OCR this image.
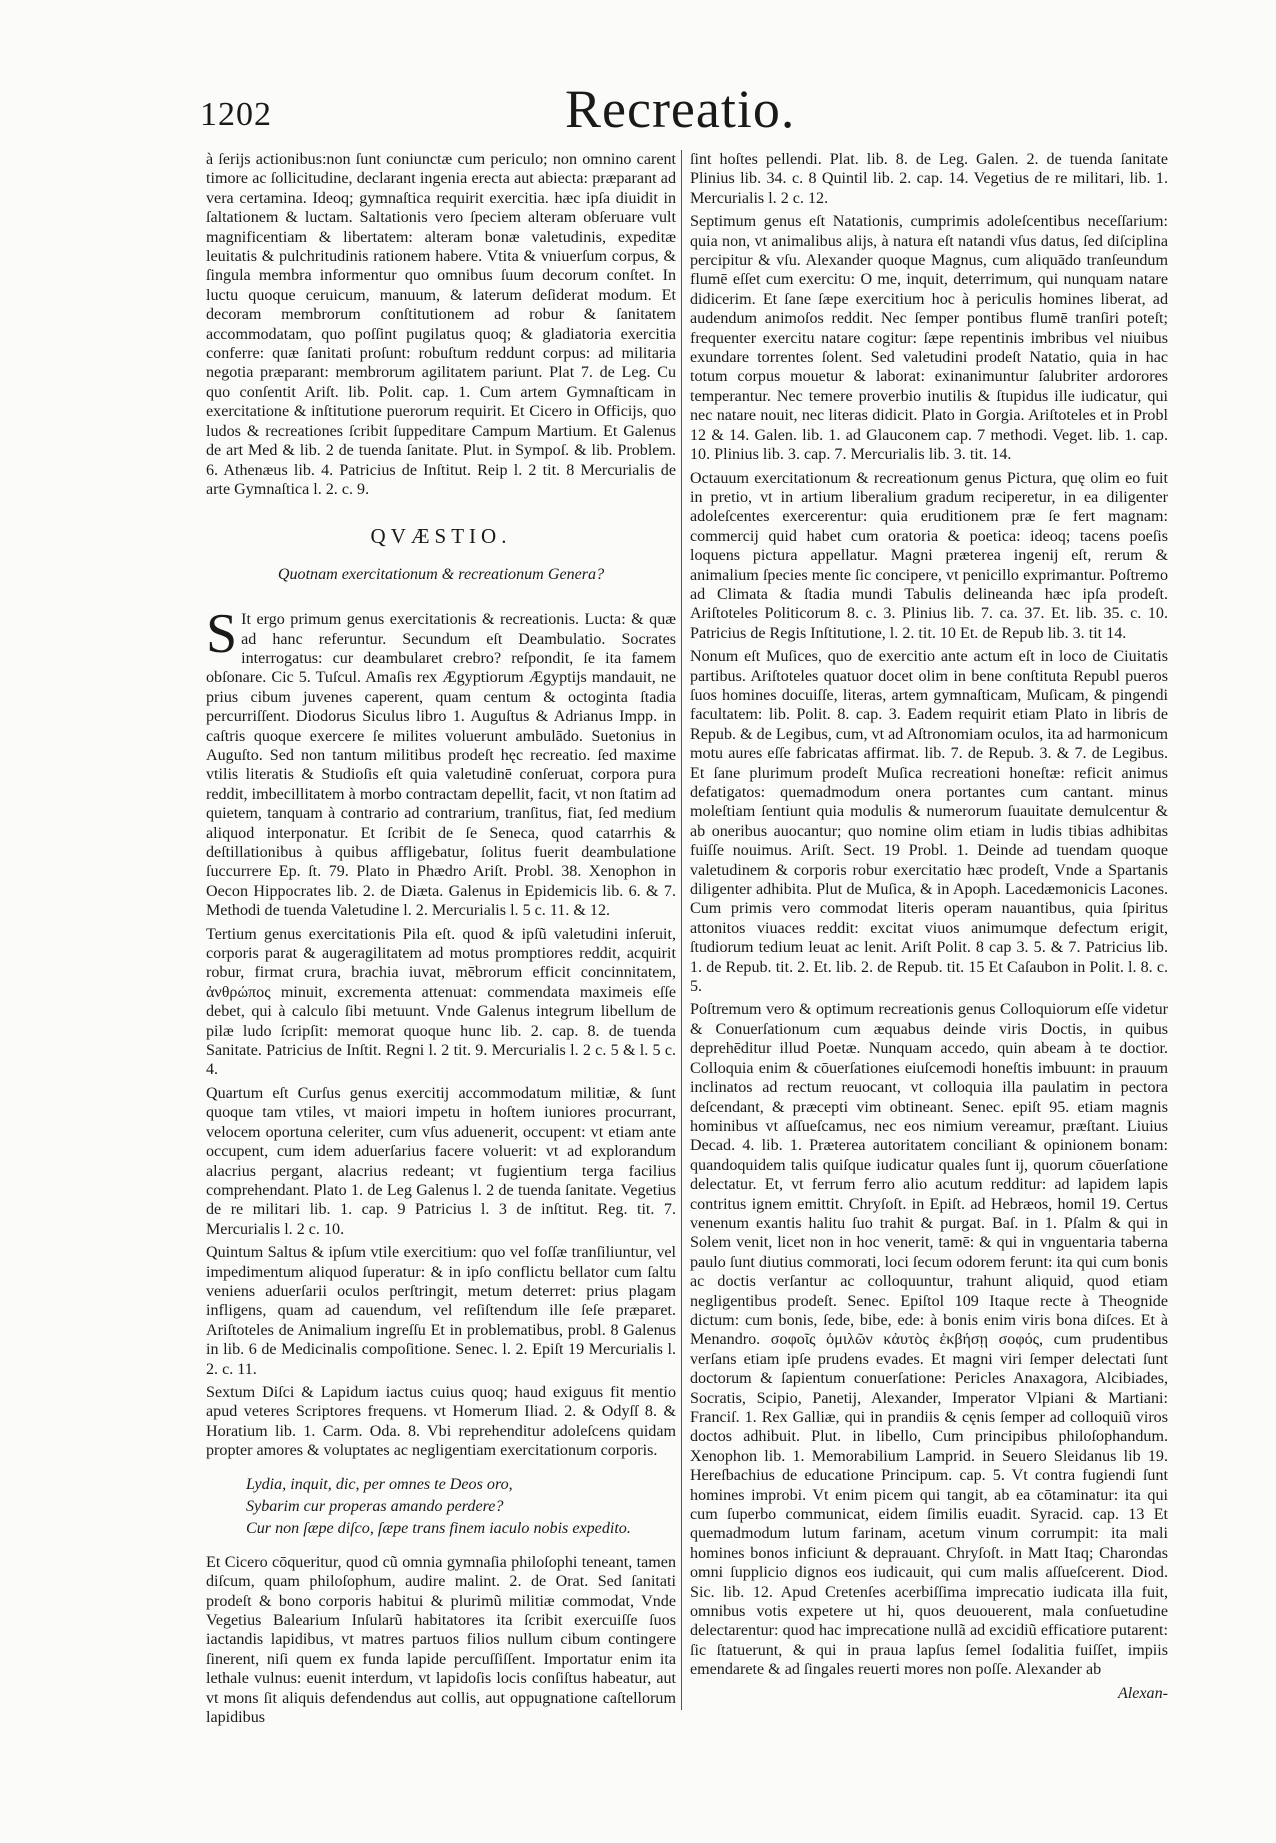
1202	Recreatio.

à ſerijs actionibus:non ſunt coniunctæ cum periculo; non omnino carent timore ac ſollicitudine, declarant ingenia erecta aut abiecta: præparant ad vera certamina. Ideoq; gymnaſtica requirit exercitia. hæc ipſa diuidit in ſaltationem & luctam. Saltationis vero ſpeciem alteram obſeruare vult magnificentiam & libertatem: alteram bonæ valetudinis, expeditæ leuitatis & pulchritudinis rationem habere. Vtita & vniuerſum corpus, & ſingula membra informentur quo omnibus ſuum decorum conſtet. In luctu quoque ceruicum, manuum, & laterum deſiderat modum. Et decoram membrorum conſtitutionem ad robur & ſanitatem accommodatam, quo poſſint pugilatus quoq; & gladiatoria exercitia conferre: quæ ſanitati proſunt: robuſtum reddunt corpus: ad militaria negotia præparant: membrorum agilitatem pariunt. Plat 7. de Leg. Cu quo conſentit Ariſt. lib. Polit. cap. 1. Cum artem Gymnaſticam in exercitatione & inſtitutione puerorum requirit. Et Cicero in Officijs, quo ludos & recreationes ſcribit ſuppeditare Campum Martium. Et Galenus de art Med & lib. 2 de tuenda ſanitate. Plut. in Sympoſ. & lib. Problem. 6. Athenæus lib. 4. Patricius de Inſtitut. Reip l. 2 tit. 8 Mercurialis de arte Gymnaſtica l. 2. c. 9.

QVÆSTIO.
Quotnam exercitationum & recreationum Genera?

S It ergo primum genus exercitationis & recreationis. Lucta: & quæ ad hanc referuntur. Secundum eſt Deambulatio. Socrates interrogatus: cur deambularet crebro? reſpondit, ſe ita famem obſonare. Cic 5. Tuſcul. Amaſis rex Ægyptiorum Ægyptijs mandauit, ne prius cibum juvenes caperent, quam centum & octoginta ſtadia percurriſſent. Diodorus Siculus libro 1. Auguſtus & Adrianus Impp. in caſtris quoque exercere ſe milites voluerunt ambulādo. Suetonius in Auguſto. Sed non tantum militibus prodeſt hęc recreatio. ſed maxime vtilis literatis & Studioſis eſt quia valetudinē conſeruat, corpora pura reddit, imbecillitatem à morbo contractam depellit, facit, vt non ſtatim ad quietem, tanquam à contrario ad contrarium, tranſitus, fiat, ſed medium aliquod interponatur. Et ſcribit de ſe Seneca, quod catarrhis & deſtillationibus à quibus affligebatur, ſolitus fuerit deambulatione ſuccurrere Ep. ſt. 79. Plato in Phædro Ariſt. Probl. 38. Xenophon in Oecon Hippocrates lib. 2. de Diæta. Galenus in Epidemicis lib. 6. & 7. Methodi de tuenda Valetudine l. 2. Mercurialis l. 5 c. 11. & 12.

Tertium genus exercitationis Pila eſt. quod & ipſũ valetudini inſeruit, corporis parat & augeragilitatem ad motus promptiores reddit, acquirit robur, firmat crura, brachia iuvat, mēbrorum efficit concinnitatem, ἀνθρώπος minuit, excrementa attenuat: commendata maximeis eſſe debet, qui à calculo ſibi metuunt. Vnde Galenus integrum libellum de pilæ ludo ſcripſit: memorat quoque hunc lib. 2. cap. 8. de tuenda Sanitate. Patricius de Inſtit. Regni l. 2 tit. 9. Mercurialis l. 2 c. 5 & l. 5 c. 4.

Quartum eſt Curſus genus exercitij accommodatum militiæ, & ſunt quoque tam vtiles, vt maiori impetu in hoſtem iuniores procurrant, velocem oportuna celeriter, cum vſus aduenerit, occupent: vt etiam ante occupent, cum idem aduerſarius facere voluerit: vt ad explorandum alacrius pergant, alacrius redeant; vt fugientium terga facilius comprehendant. Plato 1. de Leg Galenus l. 2 de tuenda ſanitate. Vegetius de re militari lib. 1. cap. 9 Patricius l. 3 de inſtitut. Reg. tit. 7. Mercurialis l. 2 c. 10.

Quintum Saltus & ipſum vtile exercitium: quo vel foſſæ tranſiliuntur, vel impedimentum aliquod ſuperatur: & in ipſo conflictu bellator cum ſaltu veniens aduerſarii oculos perſtringit, metum deterret: prius plagam infligens, quam ad cauendum, vel reſiſtendum ille ſeſe præparet. Ariſtoteles de Animalium ingreſſu Et in problematibus, probl. 8 Galenus in lib. 6 de Medicinalis compoſitione. Senec. l. 2. Epiſt 19 Mercurialis l. 2. c. 11.

Sextum Diſci & Lapidum iactus cuius quoq; haud exiguus fit mentio apud veteres Scriptores frequens. vt Homerum Iliad. 2. & Odyſſ 8. & Horatium lib. 1. Carm. Oda. 8. Vbi reprehenditur adoleſcens quidam propter amores & voluptates ac negligentiam exercitationum corporis.

Lydia, inquit, dic, per omnes te Deos oro,
Sybarim cur properas amando perdere?
Cur non ſæpe diſco, ſæpe trans finem iaculo nobis expedito.

Et Cicero cōqueritur, quod cũ omnia gymnaſia philoſophi teneant, tamen diſcum, quam philoſophum, audire malint. 2. de Orat. Sed ſanitati prodeſt & bono corporis habitui & plurimũ militiæ commodat, Vnde Vegetius Balearium Inſularũ habitatores ita ſcribit exercuiſſe ſuos iactandis lapidibus, vt matres partuos filios nullum cibum contingere ſinerent, niſi quem ex funda lapide percuſſiſſent. Importatur enim ita lethale vulnus: euenit interdum, vt lapidoſis locis conſiſtus habeatur, aut vt mons ſit aliquis defendendus aut collis, aut oppugnatione caſtellorum lapidibus

ſint hoſtes pellendi. Plat. lib. 8. de Leg. Galen. 2. de tuenda ſanitate Plinius lib. 34. c. 8 Quintil lib. 2. cap. 14. Vegetius de re militari, lib. 1. Mercurialis l. 2 c. 12.

Septimum genus eſt Natationis, cumprimis adoleſcentibus neceſſarium: quia non, vt animalibus alijs, à natura eſt natandi vſus datus, ſed diſciplina percipitur & vſu. Alexander quoque Magnus, cum aliquādo tranſeundum flumē eſſet cum exercitu: O me, inquit, deterrimum, qui nunquam natare didicerim. Et ſane ſæpe exercitium hoc à periculis homines liberat, ad audendum animoſos reddit. Nec ſemper pontibus flumē tranſiri poteſt; frequenter exercitu natare cogitur: ſæpe repentinis imbribus vel niuibus exundare torrentes ſolent. Sed valetudini prodeſt Natatio, quia in hac totum corpus mouetur & laborat: exinanimuntur ſalubriter ardorores temperantur. Nec temere proverbio inutilis & ſtupidus ille iudicatur, qui nec natare nouit, nec literas didicit. Plato in Gorgia. Ariſtoteles et in Probl 12 & 14. Galen. lib. 1. ad Glauconem cap. 7 methodi. Veget. lib. 1. cap. 10. Plinius lib. 3. cap. 7. Mercurialis lib. 3. tit. 14.

Octauum exercitationum & recreationum genus Pictura, quę olim eo fuit in pretio, vt in artium liberalium gradum reciperetur, in ea diligenter adoleſcentes exercerentur: quia eruditionem præ ſe fert magnam: commercij quid habet cum oratoria & poetica: ideoq; tacens poeſis loquens pictura appellatur. Magni præterea ingenij eſt, rerum & animalium ſpecies mente ſic concipere, vt penicillo exprimantur. Poſtremo ad Climata & ſtadia mundi Tabulis delineanda hæc ipſa prodeſt. Ariſtoteles Politicorum 8. c. 3. Plinius lib. 7. ca. 37. Et. lib. 35. c. 10. Patricius de Regis Inſtitutione, l. 2. tit. 10 Et. de Repub lib. 3. tit 14.

Nonum eſt Muſices, quo de exercitio ante actum eſt in loco de Ciuitatis partibus. Ariſtoteles quatuor docet olim in bene conſtituta Republ pueros ſuos homines docuiſſe, literas, artem gymnaſticam, Muſicam, & pingendi facultatem: lib. Polit. 8. cap. 3. Eadem requirit etiam Plato in libris de Repub. & de Legibus, cum, vt ad Aſtronomiam oculos, ita ad harmonicum motu aures eſſe fabricatas affirmat. lib. 7. de Repub. 3. & 7. de Legibus. Et ſane plurimum prodeſt Muſica recreationi honeſtæ: reficit animus defatigatos: quemadmodum onera portantes cum cantant. minus moleſtiam ſentiunt quia modulis & numerorum ſuauitate demulcentur & ab oneribus auocantur; quo nomine olim etiam in ludis tibias adhibitas fuiſſe nouimus. Ariſt. Sect. 19 Probl. 1. Deinde ad tuendam quoque valetudinem & corporis robur exercitatio hæc prodeſt, Vnde a Spartanis diligenter adhibita. Plut de Muſica, & in Apoph. Lacedæmonicis Lacones. Cum primis vero commodat literis operam nauantibus, quia ſpiritus attonitos viuaces reddit: excitat viuos animumque defectum erigit, ſtudiorum tedium leuat ac lenit. Ariſt Polit. 8 cap 3. 5. & 7. Patricius lib. 1. de Repub. tit. 2. Et. lib. 2. de Repub. tit. 15 Et Caſaubon in Polit. l. 8. c. 5.

Poſtremum vero & optimum recreationis genus Colloquiorum eſſe videtur & Conuerſationum cum æquabus deinde viris Doctis, in quibus deprehēditur illud Poetæ. Nunquam accedo, quin abeam à te doctior. Colloquia enim & cōuerſationes eiuſcemodi honeſtis imbuunt: in prauum inclinatos ad rectum reuocant, vt colloquia illa paulatim in pectora deſcendant, & præcepti vim obtineant. Senec. epiſt 95. etiam magnis hominibus vt aſſueſcamus, nec eos nimium vereamur, præſtant. Liuius Decad. 4. lib. 1. Præterea autoritatem conciliant & opinionem bonam: quandoquidem talis quiſque iudicatur quales ſunt ij, quorum cōuerſatione delectatur. Et, vt ferrum ferro alio acutum redditur: ad lapidem lapis contritus ignem emittit. Chryſoſt. in Epiſt. ad Hebræos, homil 19. Certus venenum exantis halitu ſuo trahit & purgat. Baſ. in 1. Pſalm & qui in Solem venit, licet non in hoc venerit, tamē: & qui in vnguentaria taberna paulo ſunt diutius commorati, loci ſecum odorem ferunt: ita qui cum bonis ac doctis verſantur ac colloquuntur, trahunt aliquid, quod etiam negligentibus prodeſt. Senec. Epiſtol 109 Itaque recte à Theognide dictum: cum bonis, ſede, bibe, ede: à bonis enim viris bona diſces. Et à Menandro. σοφοῖς ὁμιλῶν κἀυτὸς ἐκβήσῃ σοφός, cum prudentibus verſans etiam ipſe prudens evades. Et magni viri ſemper delectati ſunt doctorum & ſapientum conuerſatione: Pericles Anaxagora, Alcibiades, Socratis, Scipio, Panetij, Alexander, Imperator Vlpiani & Martiani: Franciſ. 1. Rex Galliæ, qui in prandiis & cęnis ſemper ad colloquiũ viros doctos adhibuit. Plut. in libello, Cum principibus philoſophandum. Xenophon lib. 1. Memorabilium Lamprid. in Seuero Sleidanus lib 19. Hereſbachius de educatione Principum. cap. 5. Vt contra fugiendi ſunt homines improbi. Vt enim picem qui tangit, ab ea cōtaminatur: ita qui cum ſuperbo communicat, eidem ſimilis euadit. Syracid. cap. 13 Et quemadmodum lutum farinam, acetum vinum corrumpit: ita mali homines bonos inficiunt & deprauant. Chryſoſt. in Matt Itaq; Charondas omni ſupplicio dignos eos iudicauit, qui cum malis aſſueſcerent. Diod. Sic. lib. 12. Apud Cretenſes acerbiſſima imprecatio iudicata illa fuit, omnibus votis expetere ut hi, quos deuouerent, mala conſuetudine delectarentur: quod hac imprecatione nullã ad excidiũ efficatiore putarent: ſic ſtatuerunt, & qui in praua lapſus ſemel ſodalitia fuiſſet, impiis emendarete & ad ſingales reuerti mores non poſſe. Alexander ab

Alexan-
